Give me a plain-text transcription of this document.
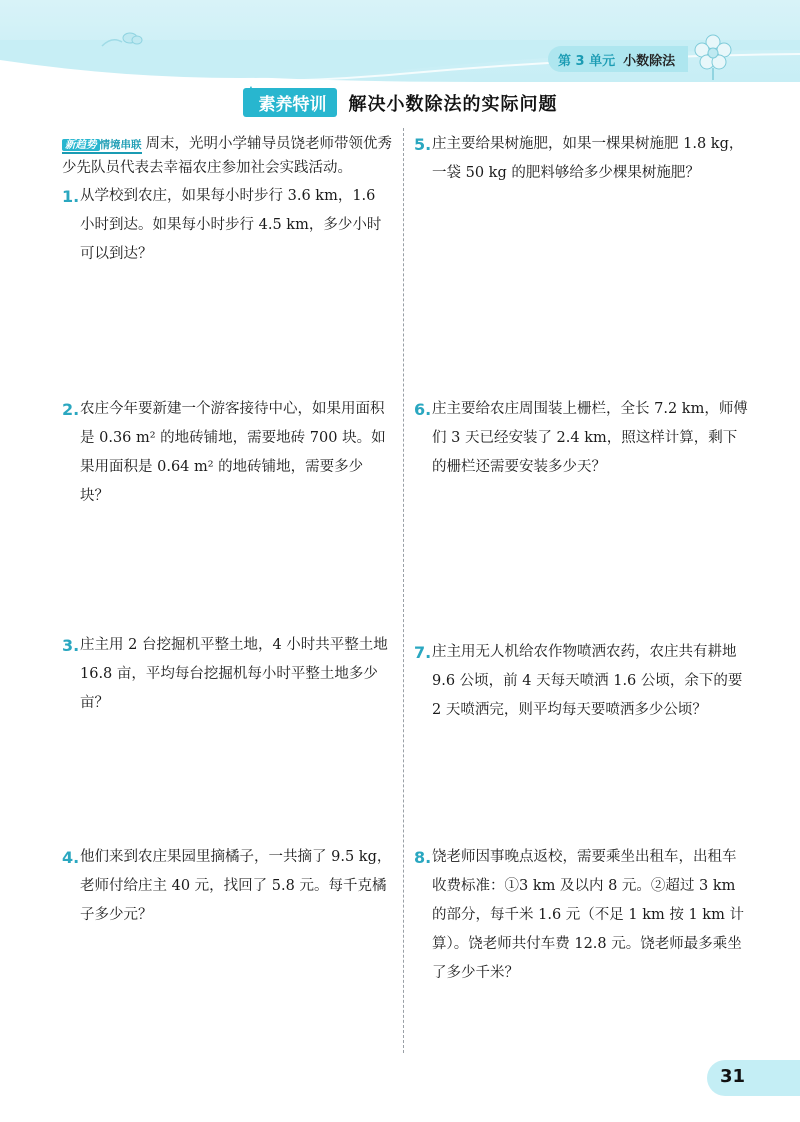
第 3 单元 小数除法
+
素养特训 解决小数除法的实际问题
新趋势 情境串联 周末，光明小学辅导员饶老师带领优秀少先队员代表去幸福农庄参加社会实践活动。
1. 从学校到农庄，如果每小时步行 3.6 km，1.6 小时到达。如果每小时步行 4.5 km，多少小时可以到达？
2. 农庄今年要新建一个游客接待中心，如果用面积是 0.36 m² 的地砖铺地，需要地砖 700 块。如果用面积是 0.64 m² 的地砖铺地，需要多少块？
3. 庄主用 2 台挖掘机平整土地，4 小时共平整土地 16.8 亩，平均每台挖掘机每小时平整土地多少亩？
4. 他们来到农庄果园里摘橘子，一共摘了 9.5 kg，老师付给庄主 40 元，找回了 5.8 元。每千克橘子多少元？
5. 庄主要给果树施肥，如果一棵果树施肥 1.8 kg，一袋 50 kg 的肥料够给多少棵果树施肥？
6. 庄主要给农庄周围装上栅栏，全长 7.2 km，师傅们 3 天已经安装了 2.4 km，照这样计算，剩下的栅栏还需要安装多少天？
7. 庄主用无人机给农作物喷洒农药，农庄共有耕地 9.6 公顷，前 4 天每天喷洒 1.6 公顷，余下的要 2 天喷洒完，则平均每天要喷洒多少公顷？
8. 饶老师因事晚点返校，需要乘坐出租车，出租车收费标准：①3 km 及以内 8 元。②超过 3 km 的部分，每千米 1.6 元（不足 1 km 按 1 km 计算）。饶老师共付车费 12.8 元。饶老师最多乘坐了多少千米？
31
